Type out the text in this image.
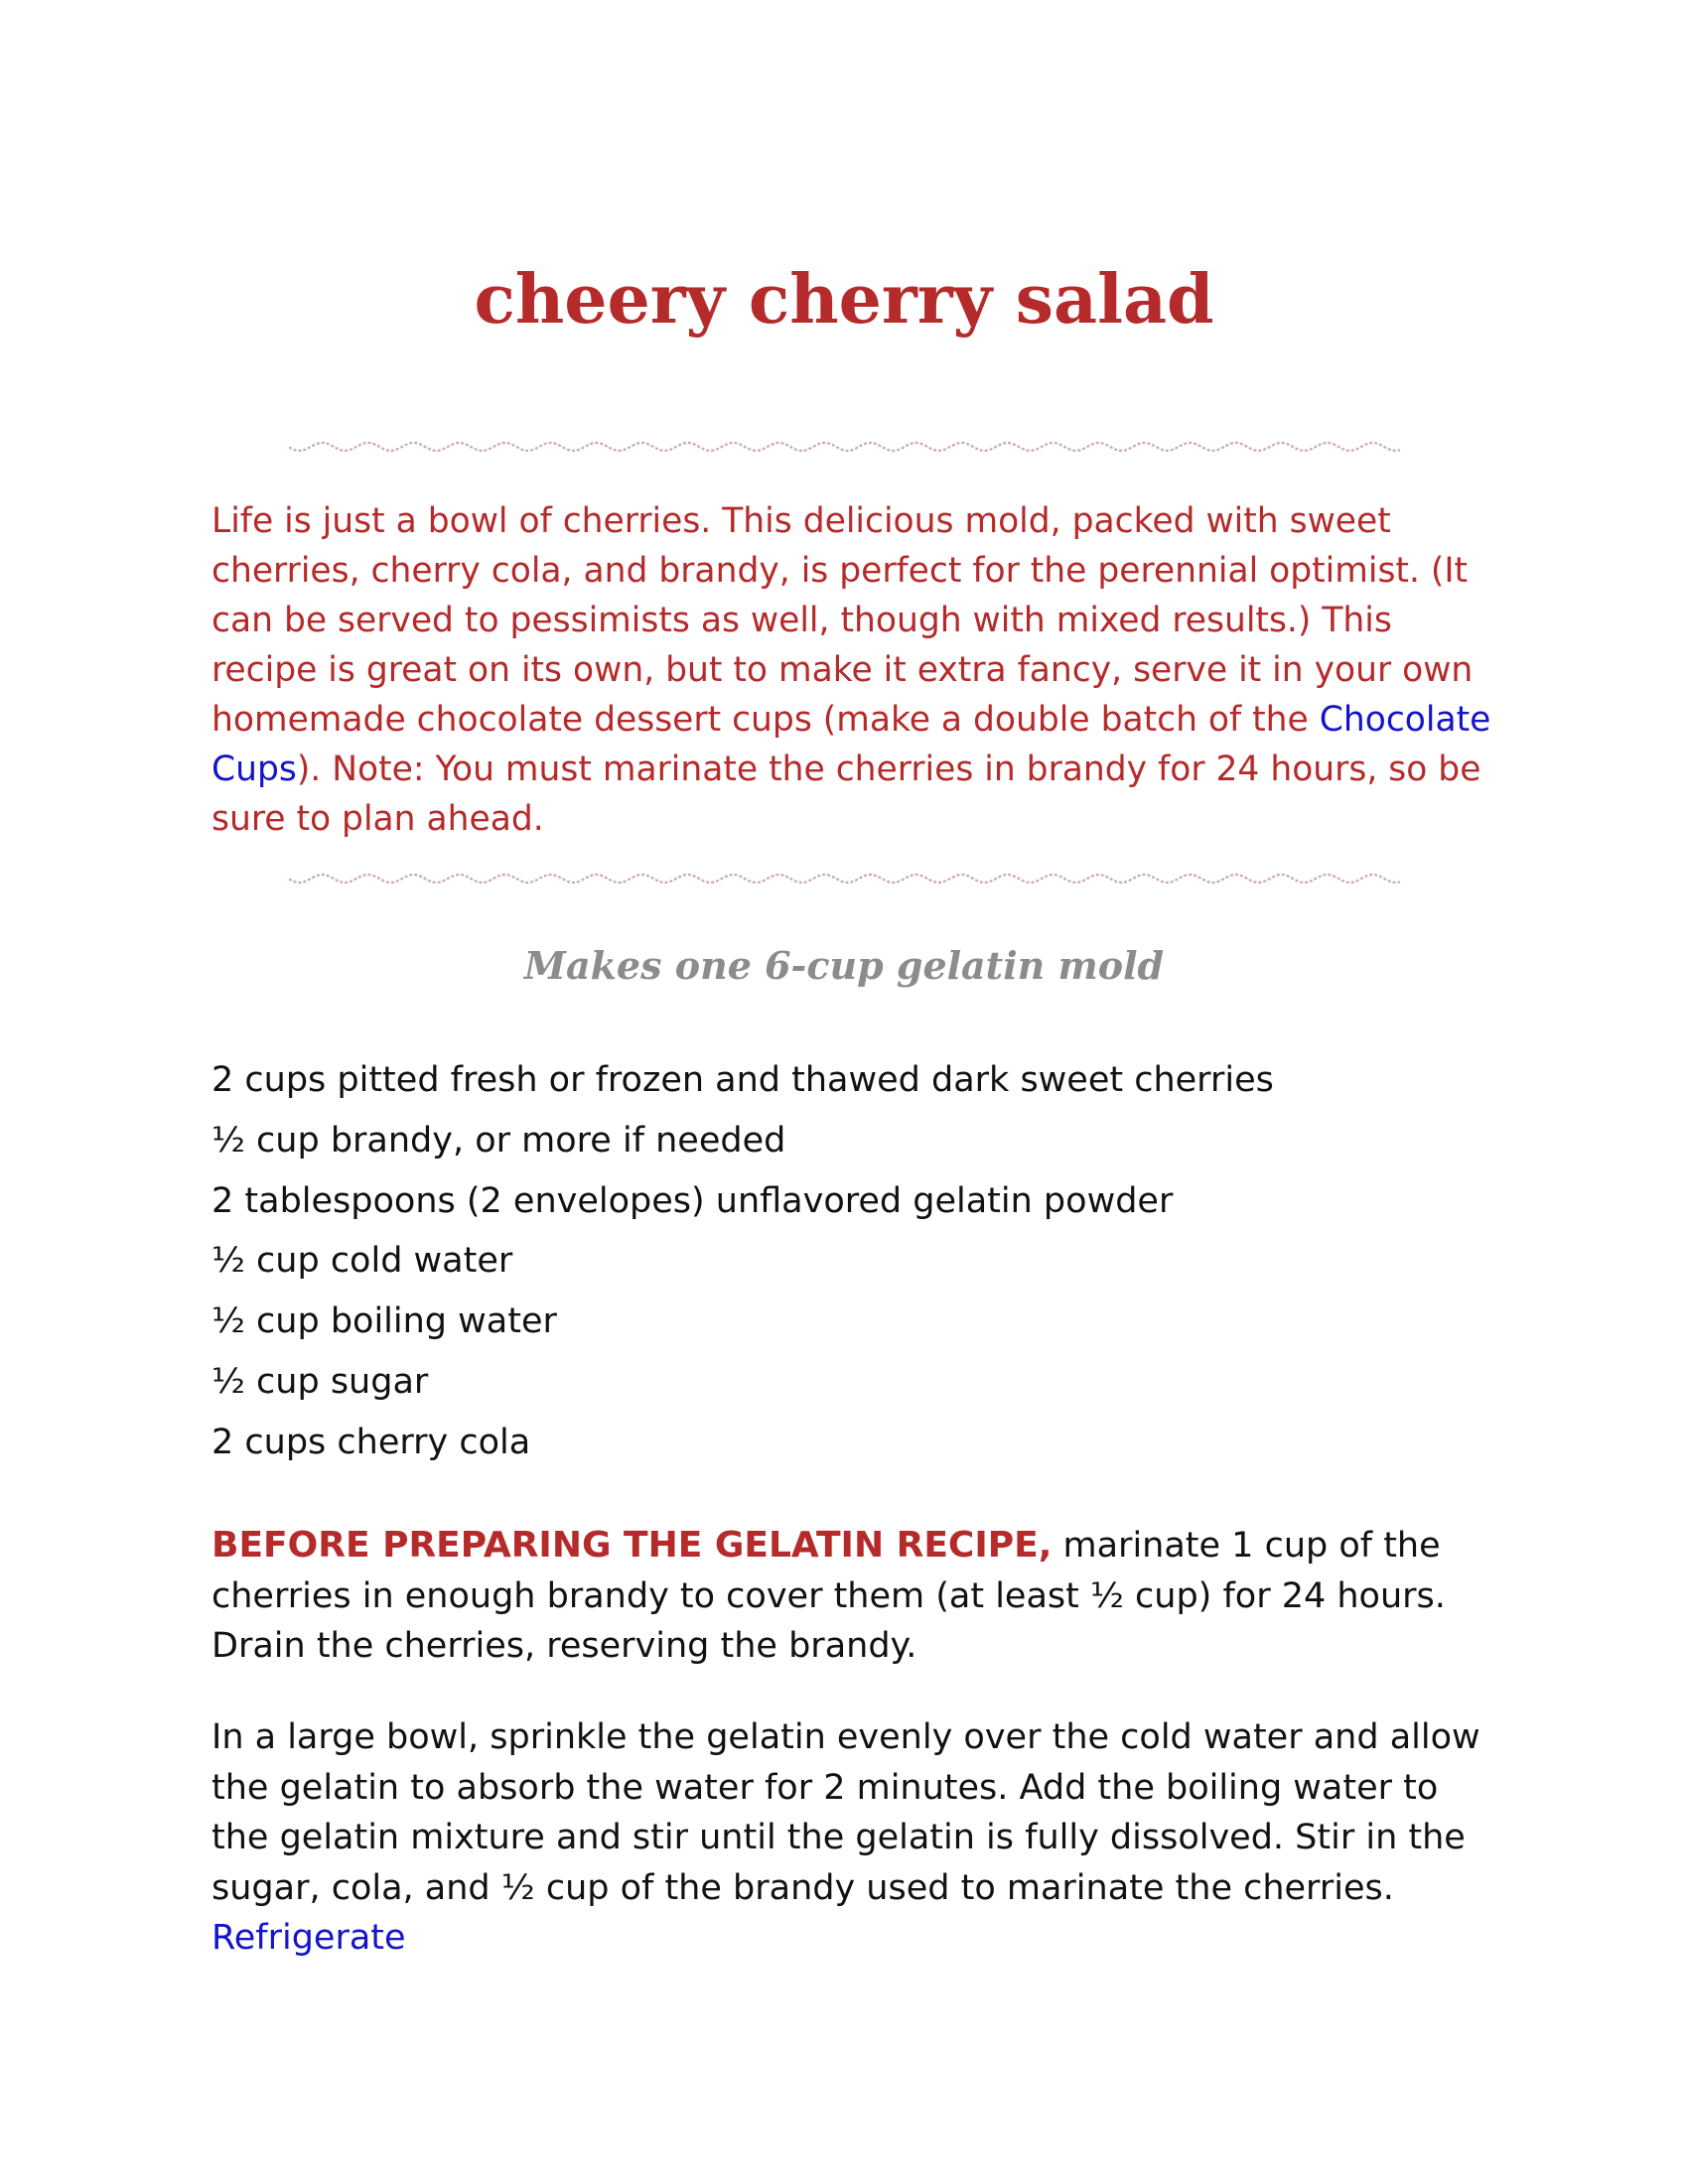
cheery cherry salad

Life is just a bowl of cherries. This delicious mold, packed with sweet cherries, cherry cola, and brandy, is perfect for the perennial optimist. (It can be served to pessimists as well, though with mixed results.) This recipe is great on its own, but to make it extra fancy, serve it in your own homemade chocolate dessert cups (make a double batch of the Chocolate Cups). Note: You must marinate the cherries in brandy for 24 hours, so be sure to plan ahead.

Makes one 6-cup gelatin mold

2 cups pitted fresh or frozen and thawed dark sweet cherries
½ cup brandy, or more if needed
2 tablespoons (2 envelopes) unflavored gelatin powder
½ cup cold water
½ cup boiling water
½ cup sugar
2 cups cherry cola

BEFORE PREPARING THE GELATIN RECIPE, marinate 1 cup of the cherries in enough brandy to cover them (at least ½ cup) for 24 hours. Drain the cherries, reserving the brandy.

In a large bowl, sprinkle the gelatin evenly over the cold water and allow the gelatin to absorb the water for 2 minutes. Add the boiling water to the gelatin mixture and stir until the gelatin is fully dissolved. Stir in the sugar, cola, and ½ cup of the brandy used to marinate the cherries. Refrigerate
